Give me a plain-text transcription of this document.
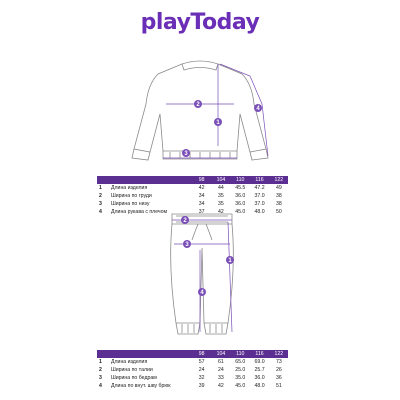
playToday
1
2
3
4
		98	104	110	116	122
1	Длина изделия	42	44	45.5	47.2	49
2	Ширина по груди	34	35	36.0	37.0	38
3	Ширина по низу	34	35	36.0	37.0	38
4	Длина рукава с плечом	37	42	45.0	48.0	50
2
3
1
4
		98	104	110	116	122
1	Длина изделия	57	61	65.0	69.0	73
2	Ширина по талии	24	24	25.0	25.7	26
3	Ширина по бедрам	32	33	35.0	36.0	36
4	Длина по внут. шву брюк	39	42	45.0	48.0	51
